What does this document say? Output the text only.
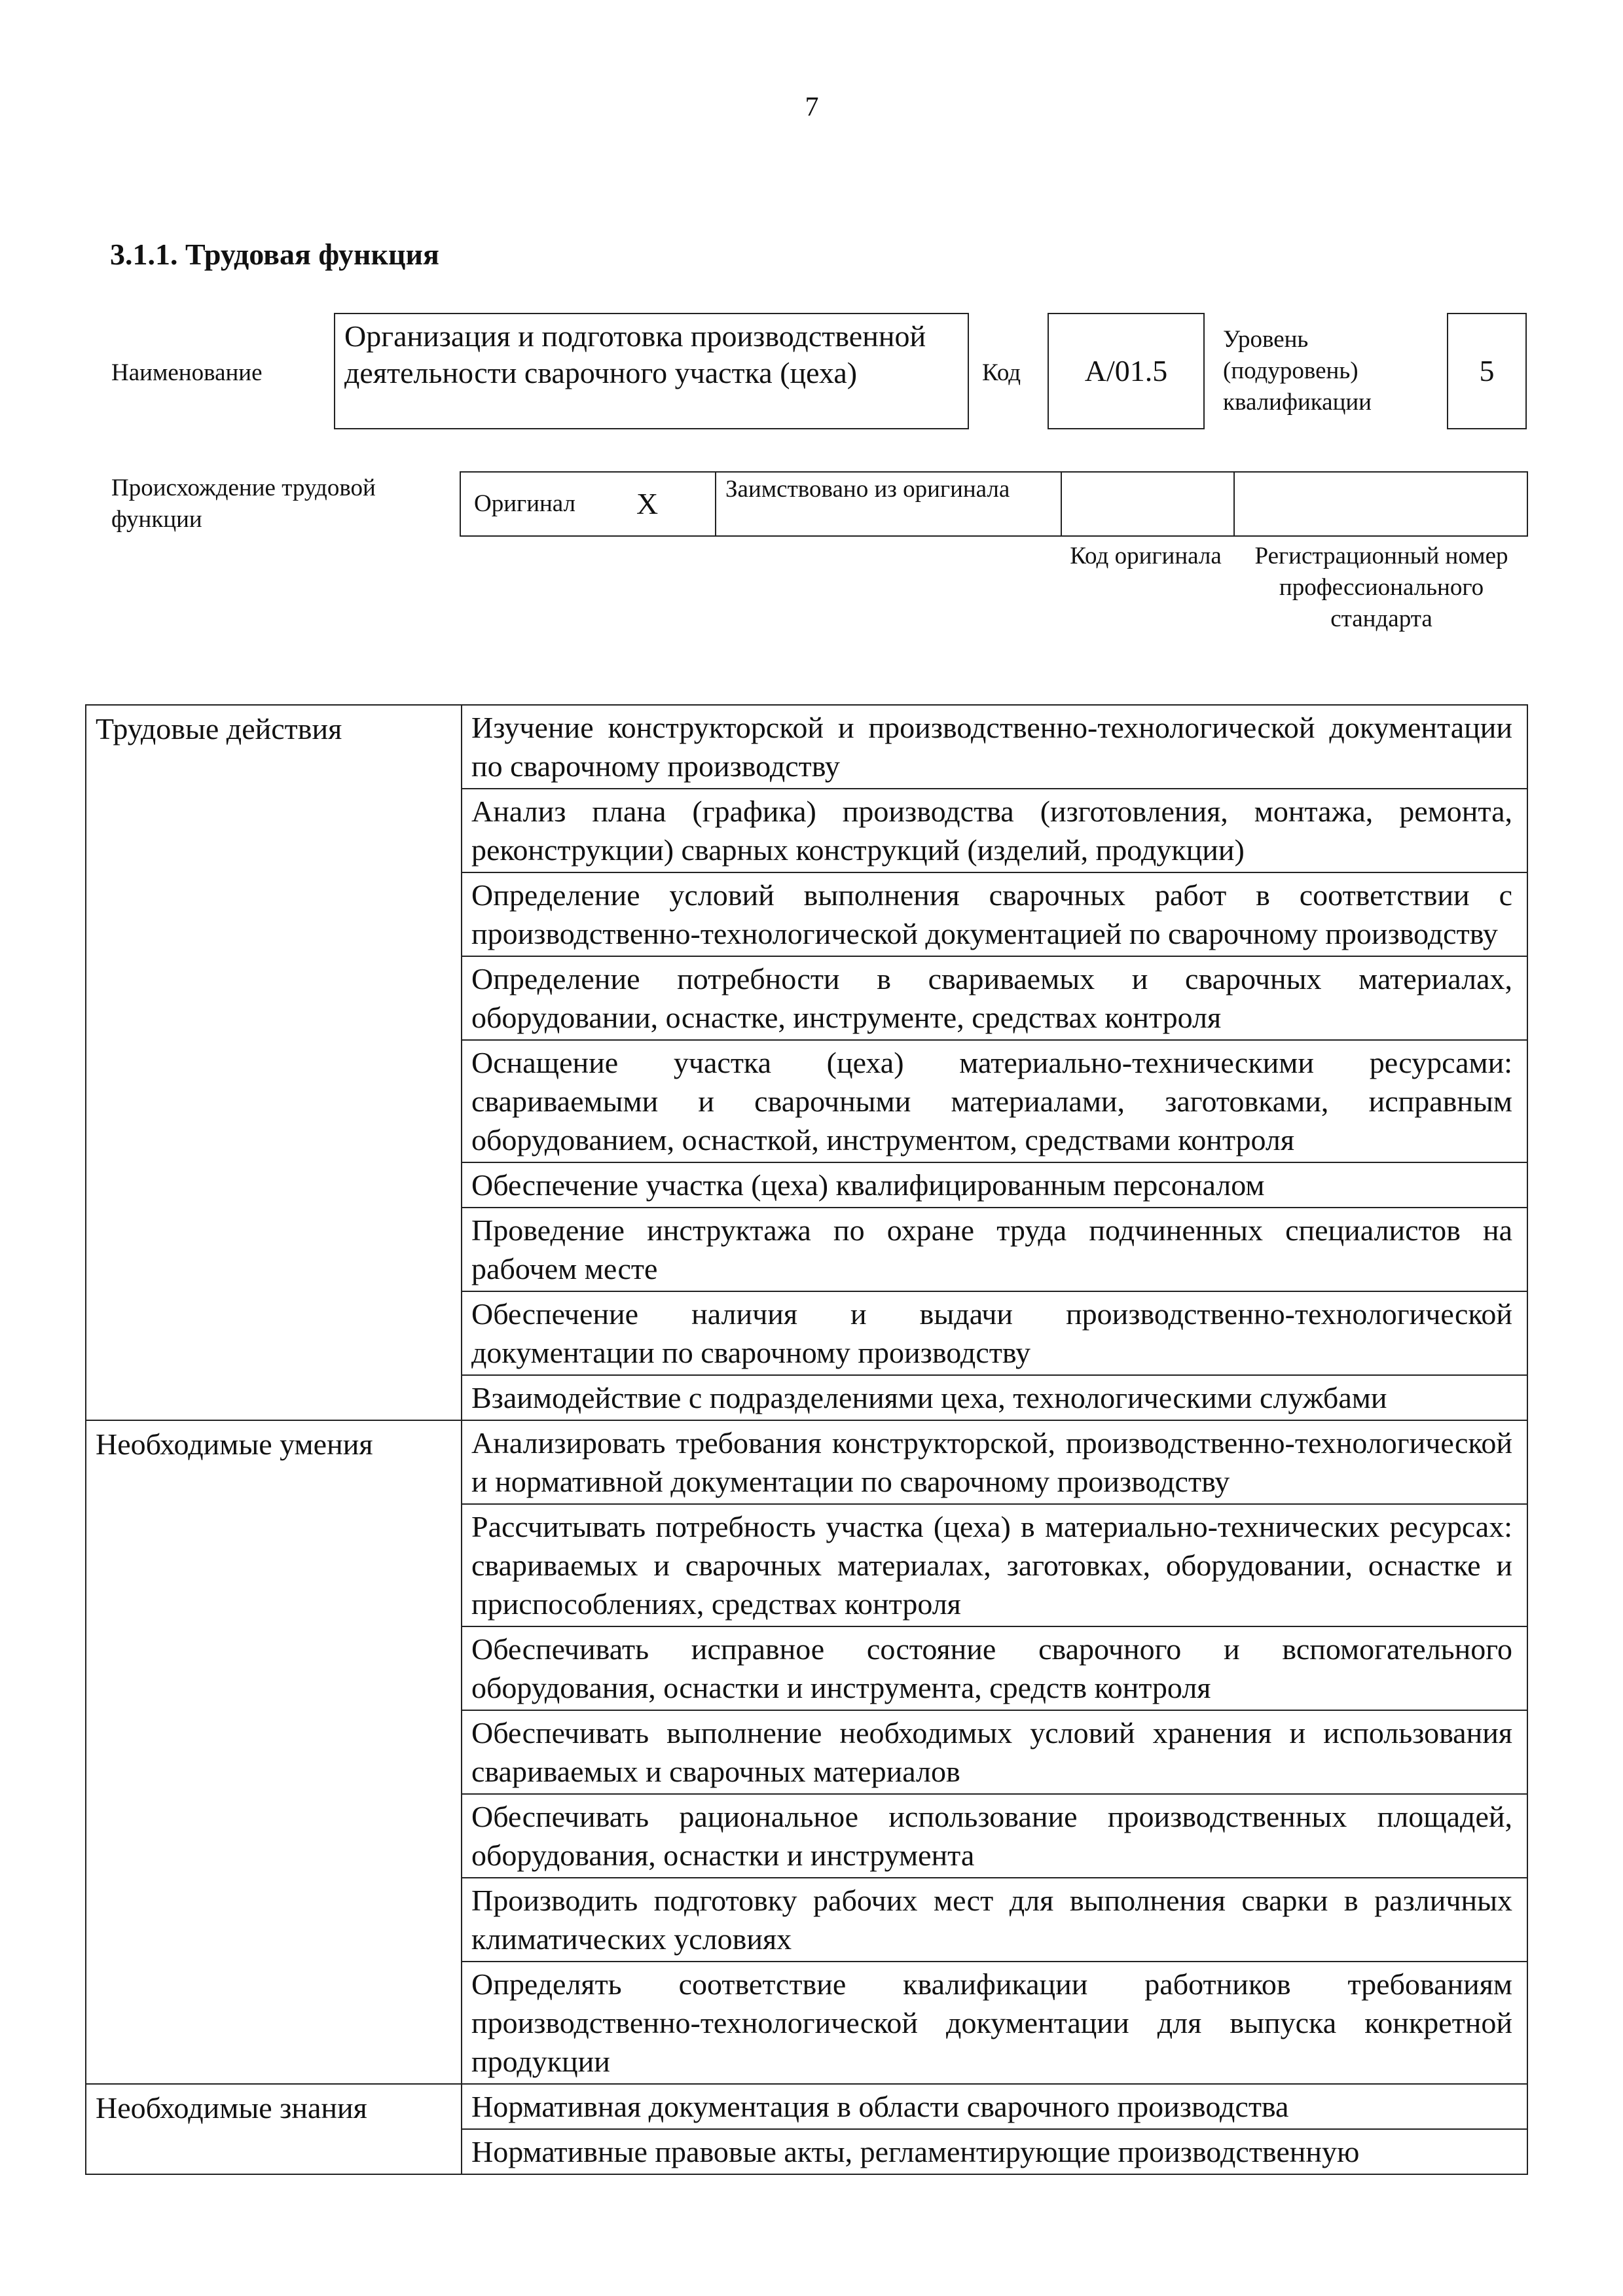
7
3.1.1. Трудовая функция
Наименование
Организация и подготовка производственной деятельности сварочного участка (цеха)	Код А/01.5
Уровень (подуровень) квалификации
5
Происхождение трудовой функции
Оригинал X	Заимствовано из оригинала
Код оригинала	Регистрационный номер профессионального стандарта
Трудовые действия	Изучение конструкторской и производственно-технологической документации по сварочному производству
	Анализ плана (графика) производства (изготовления, монтажа, ремонта, реконструкции) сварных конструкций (изделий, продукции)
	Определение условий выполнения сварочных работ в соответствии с производственно-технологической документацией по сварочному производству
	Определение потребности в свариваемых и сварочных материалах, оборудовании, оснастке, инструменте, средствах контроля
	Оснащение участка (цеха) материально-техническими ресурсами: свариваемыми и сварочными материалами, заготовками, исправным оборудованием, оснасткой, инструментом, средствами контроля
	Обеспечение участка (цеха) квалифицированным персоналом
	Проведение инструктажа по охране труда подчиненных специалистов на рабочем месте
	Обеспечение наличия и выдачи производственно-технологической документации по сварочному производству
	Взаимодействие с подразделениями цеха, технологическими службами
Необходимые умения	Анализировать требования конструкторской, производственно-технологической и нормативной документации по сварочному производству
	Рассчитывать потребность участка (цеха) в материально-технических ресурсах: свариваемых и сварочных материалах, заготовках, оборудовании, оснастке и приспособлениях, средствах контроля
	Обеспечивать исправное состояние сварочного и вспомогательного оборудования, оснастки и инструмента, средств контроля
	Обеспечивать выполнение необходимых условий хранения и использования свариваемых и сварочных материалов
	Обеспечивать рациональное использование производственных площадей, оборудования, оснастки и инструмента
	Производить подготовку рабочих мест для выполнения сварки в различных климатических условиях
	Определять соответствие квалификации работников требованиям производственно-технологической документации для выпуска конкретной продукции
Необходимые знания	Нормативная документация в области сварочного производства
	Нормативные правовые акты, регламентирующие производственную
